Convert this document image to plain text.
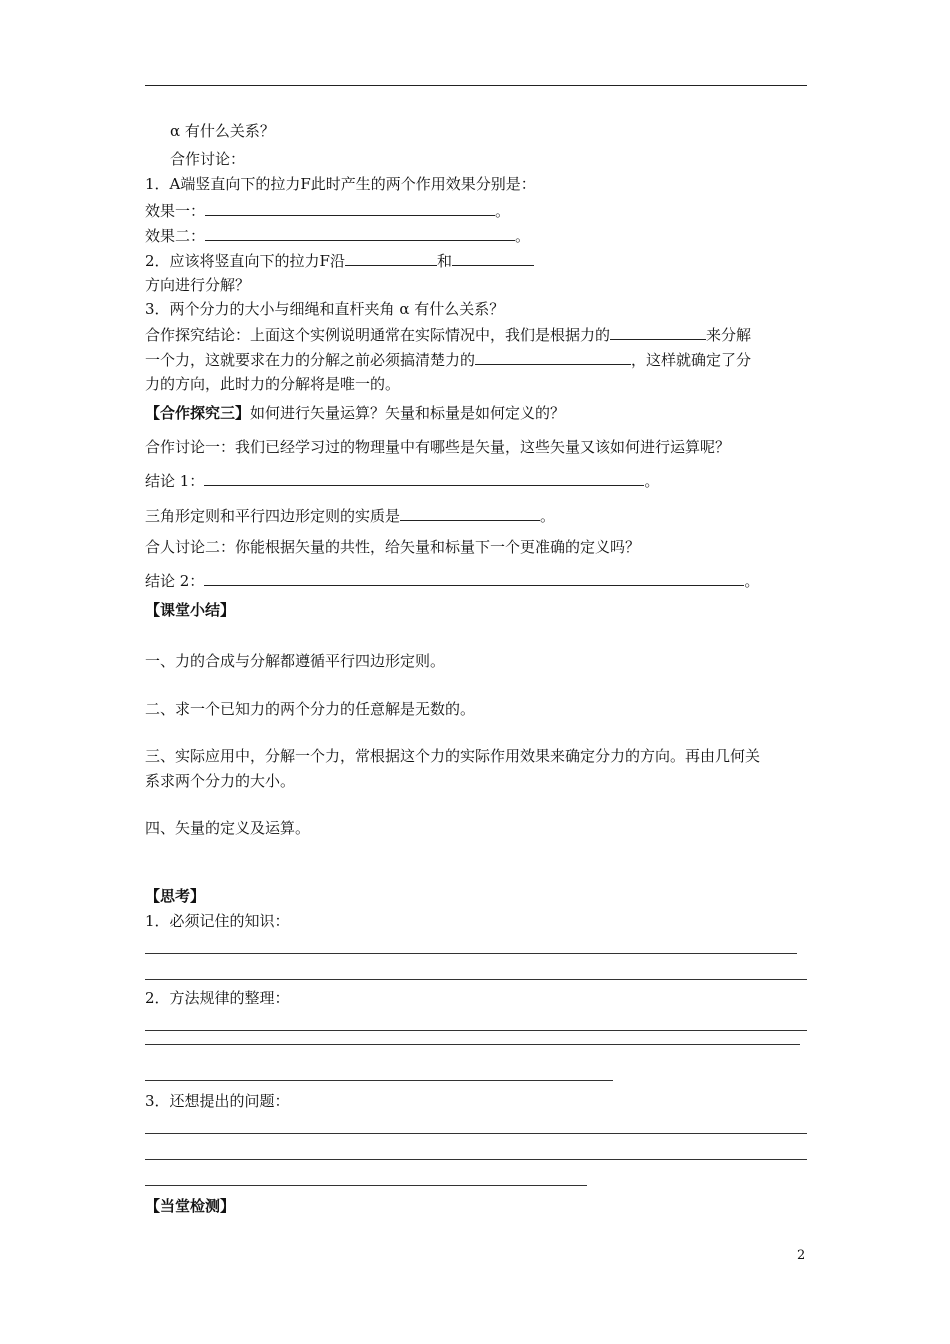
α 有什么关系？
合作讨论：
1．A端竖直向下的拉力F此时产生的两个作用效果分别是：
效果一：	。
效果二：	。
2．应该将竖直向下的拉力F沿	和
方向进行分解？
3．两个分力的大小与细绳和直杆夹角 α 有什么关系？
合作探究结论：上面这个实例说明通常在实际情况中，我们是根据力的	来分解
一个力，这就要求在力的分解之前必须搞清楚力的	，这样就确定了分
力的方向，此时力的分解将是唯一的。
【合作探究三】如何进行矢量运算？矢量和标量是如何定义的？
合作讨论一：我们已经学习过的物理量中有哪些是矢量，这些矢量又该如何进行运算呢？
结论 1：	。
三角形定则和平行四边形定则的实质是	。
合人讨论二：你能根据矢量的共性，给矢量和标量下一个更准确的定义吗？
结论 2：	。
【课堂小结】
一、力的合成与分解都遵循平行四边形定则。
二、求一个已知力的两个分力的任意解是无数的。
三、实际应用中，分解一个力，常根据这个力的实际作用效果来确定分力的方向。再由几何关
系求两个分力的大小。
四、矢量的定义及运算。
【思考】
1．必须记住的知识：
2．方法规律的整理：
3．还想提出的问题：
【当堂检测】
2
